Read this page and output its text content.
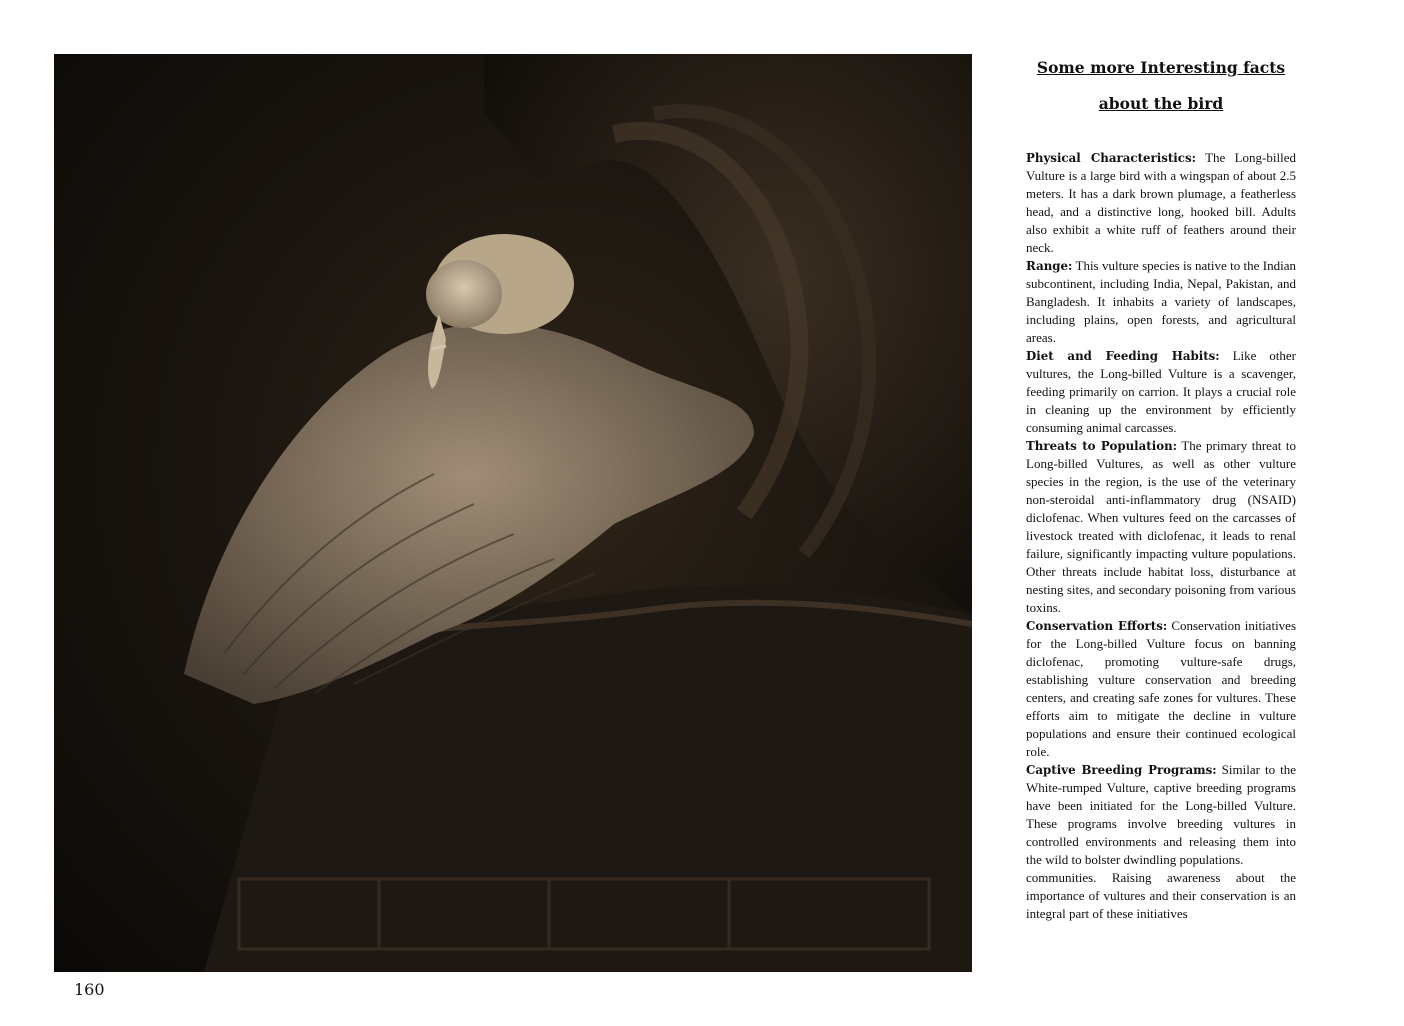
Some more Interesting facts
about the bird

Physical Characteristics: The Long-billed Vulture is a large bird with a wingspan of about 2.5 meters. It has a dark brown plumage, a featherless head, and a distinctive long, hooked bill. Adults also exhibit a white ruff of feathers around their neck.

Range: This vulture species is native to the Indian subcontinent, including India, Nepal, Pakistan, and Bangladesh. It inhabits a variety of landscapes, including plains, open forests, and agricultural areas.

Diet and Feeding Habits: Like other vultures, the Long-billed Vulture is a scavenger, feeding primarily on carrion. It plays a crucial role in cleaning up the environment by efficiently consuming animal carcasses.

Threats to Population: The primary threat to Long-billed Vultures, as well as other vulture species in the region, is the use of the veterinary non-steroidal anti-inflammatory drug (NSAID) diclofenac. When vultures feed on the carcasses of livestock treated with diclofenac, it leads to renal failure, significantly impacting vulture populations. Other threats include habitat loss, disturbance at nesting sites, and secondary poisoning from various toxins.

Conservation Efforts: Conservation initiatives for the Long-billed Vulture focus on banning diclofenac, promoting vulture-safe drugs, establishing vulture conservation and breeding centers, and creating safe zones for vultures. These efforts aim to mitigate the decline in vulture populations and ensure their continued ecological role.

Captive Breeding Programs: Similar to the White-rumped Vulture, captive breeding programs have been initiated for the Long-billed Vulture. These programs involve breeding vultures in controlled environments and releasing them into the wild to bolster dwindling populations.

communities. Raising awareness about the importance of vultures and their conservation is an integral part of these initiatives

160
